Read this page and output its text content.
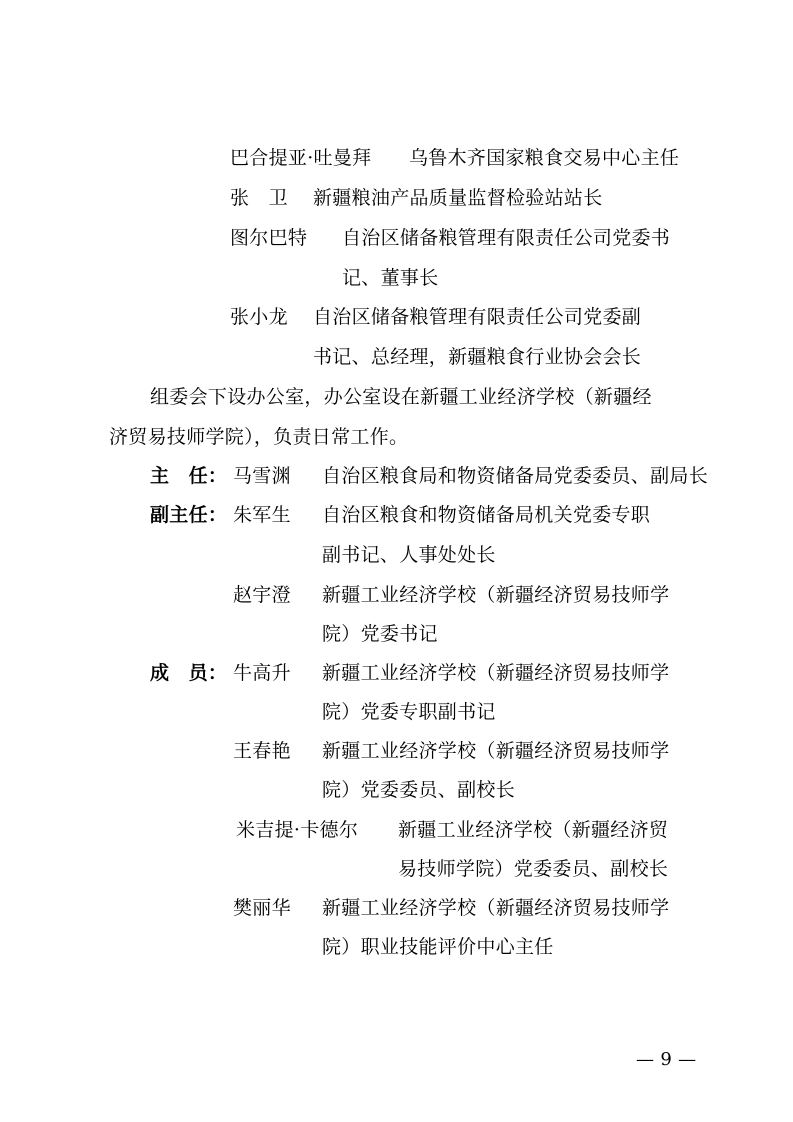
巴合提亚·吐曼拜 乌鲁木齐国家粮食交易中心主任
张　卫 新疆粮油产品质量监督检验站站长
图尔巴特 自治区储备粮管理有限责任公司党委书
记、董事长
张小龙 自治区储备粮管理有限责任公司党委副
书记、总经理，新疆粮食行业协会会长
组委会下设办公室，办公室设在新疆工业经济学校（新疆经
济贸易技师学院），负责日常工作。
主　任： 马雪渊 自治区粮食局和物资储备局党委委员、副局长
副主任： 朱军生 自治区粮食和物资储备局机关党委专职
副书记、人事处处长
赵宇澄 新疆工业经济学校（新疆经济贸易技师学
院）党委书记
成　员： 牛高升 新疆工业经济学校（新疆经济贸易技师学
院）党委专职副书记
王春艳 新疆工业经济学校（新疆经济贸易技师学
院）党委委员、副校长
米吉提·卡德尔 新疆工业经济学校（新疆经济贸
易技师学院）党委委员、副校长
樊丽华 新疆工业经济学校（新疆经济贸易技师学
院）职业技能评价中心主任
— 9 —
